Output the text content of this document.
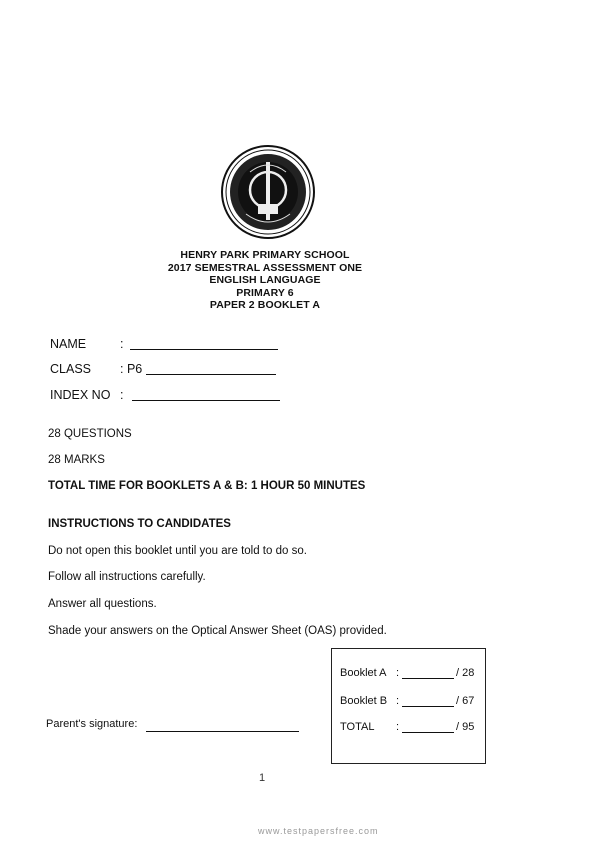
HENRY PARK PRIMARY SCHOOL
2017 SEMESTRAL ASSESSMENT ONE
ENGLISH LANGUAGE
PRIMARY 6
PAPER 2 BOOKLET A
NAME	:
CLASS : P6
INDEX NO :
28 QUESTIONS
28 MARKS
TOTAL TIME FOR BOOKLETS A & B: 1 HOUR 50 MINUTES
INSTRUCTIONS TO CANDIDATES
Do not open this booklet until you are told to do so.
Follow all instructions carefully.
Answer all questions.
Shade your answers on the Optical Answer Sheet (OAS) provided.
Booklet A :	/ 28
Booklet B :	/ 67
TOTAL :	/ 95
Parent's signature:
1
www.testpapersfree.com
